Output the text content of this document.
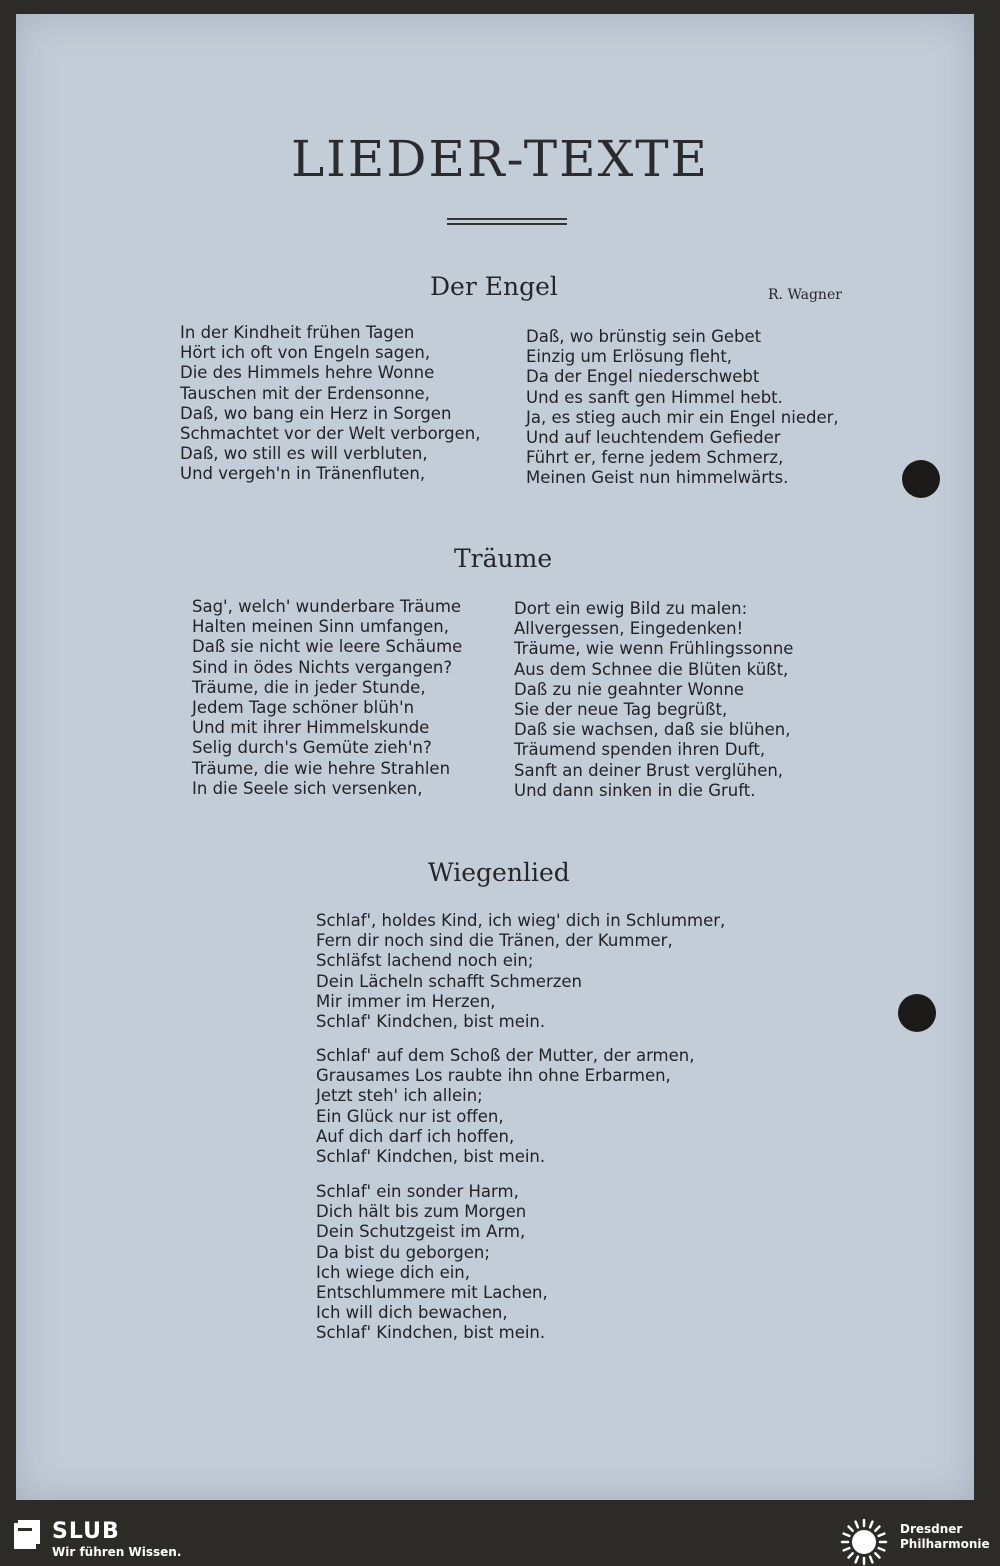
LIEDER-TEXTE
Der Engel	R. Wagner
In der Kindheit frühen Tagen
Hört ich oft von Engeln sagen,
Die des Himmels hehre Wonne
Tauschen mit der Erdensonne,
Daß, wo bang ein Herz in Sorgen
Schmachtet vor der Welt verborgen,
Daß, wo still es will verbluten,
Und vergeh'n in Tränenfluten,
Daß, wo brünstig sein Gebet
Einzig um Erlösung fleht,
Da der Engel niederschwebt
Und es sanft gen Himmel hebt.
Ja, es stieg auch mir ein Engel nieder,
Und auf leuchtendem Gefieder
Führt er, ferne jedem Schmerz,
Meinen Geist nun himmelwärts.
Träume
Sag', welch' wunderbare Träume
Halten meinen Sinn umfangen,
Daß sie nicht wie leere Schäume
Sind in ödes Nichts vergangen?
Träume, die in jeder Stunde,
Jedem Tage schöner blüh'n
Und mit ihrer Himmelskunde
Selig durch's Gemüte zieh'n?
Träume, die wie hehre Strahlen
In die Seele sich versenken,
Dort ein ewig Bild zu malen:
Allvergessen, Eingedenken!
Träume, wie wenn Frühlingssonne
Aus dem Schnee die Blüten küßt,
Daß zu nie geahnter Wonne
Sie der neue Tag begrüßt,
Daß sie wachsen, daß sie blühen,
Träumend spenden ihren Duft,
Sanft an deiner Brust verglühen,
Und dann sinken in die Gruft.
Wiegenlied
Schlaf', holdes Kind, ich wieg' dich in Schlummer,
Fern dir noch sind die Tränen, der Kummer,
Schläfst lachend noch ein;
Dein Lächeln schafft Schmerzen
Mir immer im Herzen,
Schlaf' Kindchen, bist mein.
Schlaf' auf dem Schoß der Mutter, der armen,
Grausames Los raubte ihn ohne Erbarmen,
Jetzt steh' ich allein;
Ein Glück nur ist offen,
Auf dich darf ich hoffen,
Schlaf' Kindchen, bist mein.
Schlaf' ein sonder Harm,
Dich hält bis zum Morgen
Dein Schutzgeist im Arm,
Da bist du geborgen;
Ich wiege dich ein,
Entschlummere mit Lachen,
Ich will dich bewachen,
Schlaf' Kindchen, bist mein.
SLUB
Wir führen Wissen.
Dresdner
Philharmonie
